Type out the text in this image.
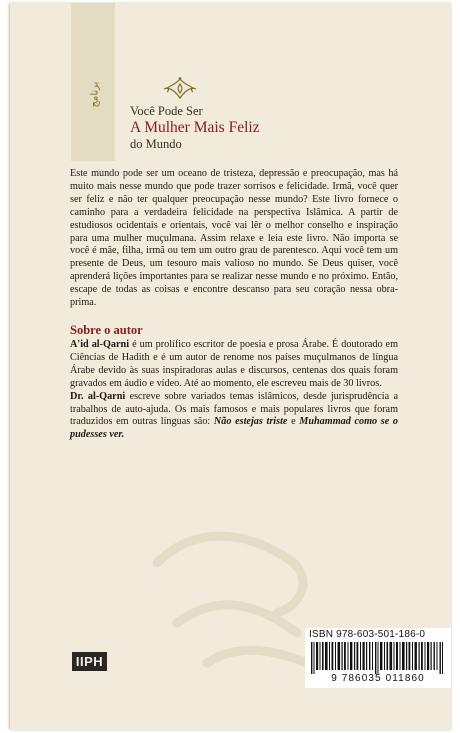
برنامج
Você Pode Ser
A Mulher Mais Feliz
do Mundo

Este mundo pode ser um oceano de tristeza, depressão e preocupação, mas há muito mais nesse mundo que pode trazer sorrisos e felicidade. Irmã, você quer ser feliz e não ter qualquer preocupação nesse mundo? Este livro fornece o caminho para a verdadeira felicidade na perspectiva Islâmica. A partir de estudiosos ocidentais e orientais, você vai lêr o melhor conselho e inspiração para uma mulher muçulmana. Assim relaxe e leia este livro. Não importa se você é mãe, filha, irmã ou tem um outro grau de parentesco. Aqui você tem um presente de Deus, um tesouro mais valioso no mundo. Se Deus quiser, você aprenderá lições importantes para se realizar nesse mundo e no próximo. Então, escape de todas as coisas e encontre descanso para seu coração nessa obra-prima.

Sobre o autor

A'id al-Qarni é um prolífico escritor de poesia e prosa Árabe. É doutorado em Ciências de Hadith e é um autor de renome nos países muçulmanos de língua Árabe devido às suas inspiradoras aulas e discursos, centenas dos quais foram gravados em áudio e vídeo. Até ao momento, ele escreveu mais de 30 livros.
Dr. al-Qarni escreve sobre variados temas islâmicos, desde jurisprudência a trabalhos de auto-ajuda. Os mais famosos e mais populares livros que foram traduzidos em outras línguas são: Não estejas triste e Muhammad como se o pudesses ver.

ISBN 978-603-501-186-0
9 786035 011860
IIPH
